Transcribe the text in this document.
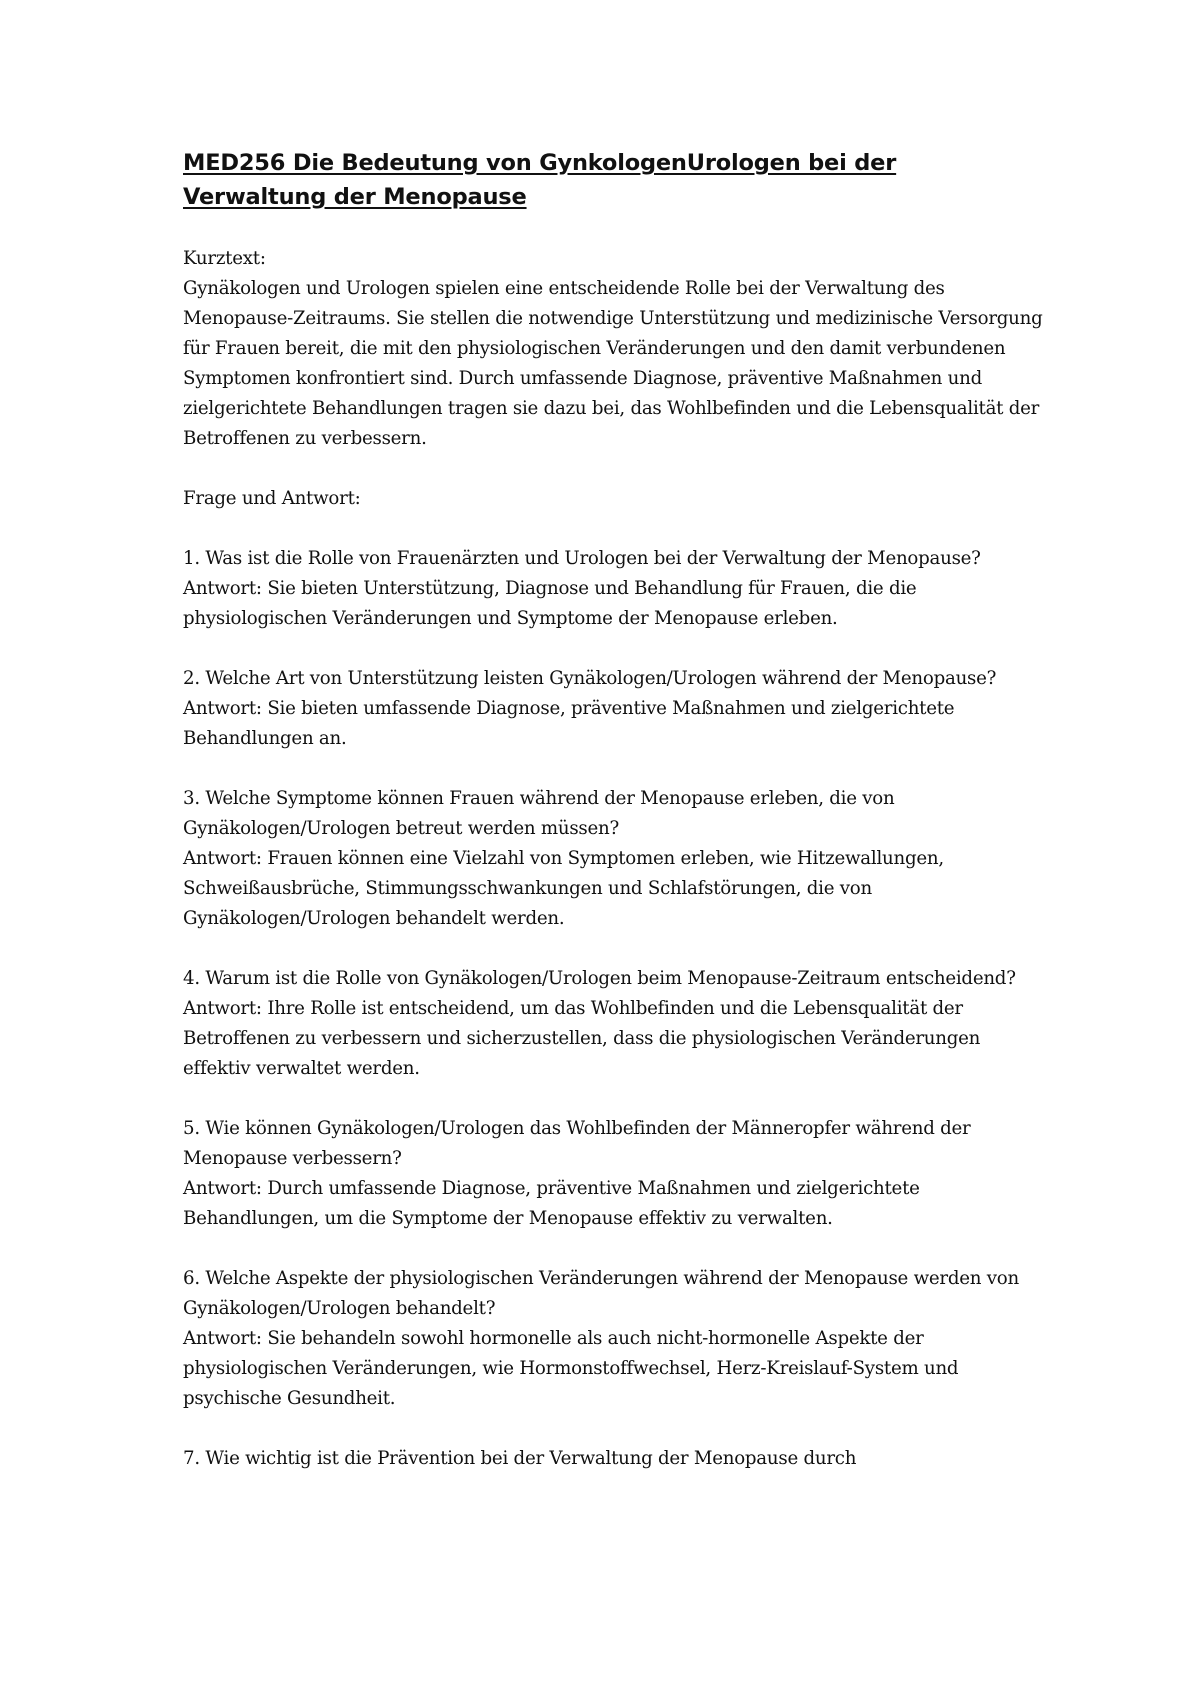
MED256 Die Bedeutung von GynkologenUrologen bei der Verwaltung der Menopause

Kurztext:

Gynäkologen und Urologen spielen eine entscheidende Rolle bei der Verwaltung des Menopause-Zeitraums. Sie stellen die notwendige Unterstützung und medizinische Versorgung für Frauen bereit, die mit den physiologischen Veränderungen und den damit verbundenen Symptomen konfrontiert sind. Durch umfassende Diagnose, präventive Maßnahmen und zielgerichtete Behandlungen tragen sie dazu bei, das Wohlbefinden und die Lebensqualität der Betroffenen zu verbessern.

Frage und Antwort:

1. Was ist die Rolle von Frauenärzten und Urologen bei der Verwaltung der Menopause?

Antwort: Sie bieten Unterstützung, Diagnose und Behandlung für Frauen, die die physiologischen Veränderungen und Symptome der Menopause erleben.

2. Welche Art von Unterstützung leisten Gynäkologen/Urologen während der Menopause?

Antwort: Sie bieten umfassende Diagnose, präventive Maßnahmen und zielgerichtete Behandlungen an.

3. Welche Symptome können Frauen während der Menopause erleben, die von Gynäkologen/Urologen betreut werden müssen?

Antwort: Frauen können eine Vielzahl von Symptomen erleben, wie Hitzewallungen, Schweißausbrüche, Stimmungsschwankungen und Schlafstörungen, die von Gynäkologen/Urologen behandelt werden.

4. Warum ist die Rolle von Gynäkologen/Urologen beim Menopause-Zeitraum entscheidend?

Antwort: Ihre Rolle ist entscheidend, um das Wohlbefinden und die Lebensqualität der Betroffenen zu verbessern und sicherzustellen, dass die physiologischen Veränderungen effektiv verwaltet werden.

5. Wie können Gynäkologen/Urologen das Wohlbefinden der Männeropfer während der Menopause verbessern?

Antwort: Durch umfassende Diagnose, präventive Maßnahmen und zielgerichtete Behandlungen, um die Symptome der Menopause effektiv zu verwalten.

6. Welche Aspekte der physiologischen Veränderungen während der Menopause werden von Gynäkologen/Urologen behandelt?

Antwort: Sie behandeln sowohl hormonelle als auch nicht-hormonelle Aspekte der physiologischen Veränderungen, wie Hormonstoffwechsel, Herz-Kreislauf-System und psychische Gesundheit.

7. Wie wichtig ist die Prävention bei der Verwaltung der Menopause durch
